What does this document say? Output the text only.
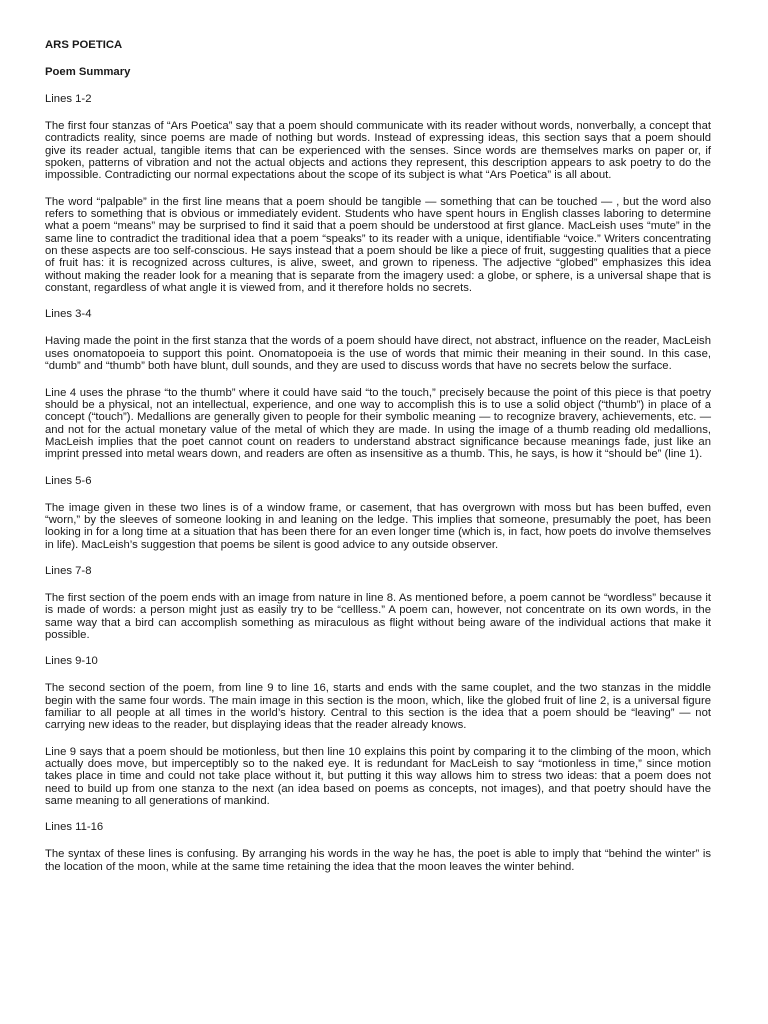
ARS POETICA
Poem Summary
Lines 1-2
The first four stanzas of “Ars Poetica” say that a poem should communicate with its reader without words, nonverbally, a concept that contradicts reality, since poems are made of nothing but words. Instead of expressing ideas, this section says that a poem should give its reader actual, tangible items that can be experienced with the senses. Since words are themselves marks on paper or, if spoken, patterns of vibration and not the actual objects and actions they represent, this description appears to ask poetry to do the impossible. Contradicting our normal expectations about the scope of its subject is what “Ars Poetica” is all about.
The word “palpable” in the first line means that a poem should be tangible — something that can be touched — , but the word also refers to something that is obvious or immediately evident. Students who have spent hours in English classes laboring to determine what a poem “means” may be surprised to find it said that a poem should be understood at first glance. MacLeish uses “mute” in the same line to contradict the traditional idea that a poem “speaks” to its reader with a unique, identifiable “voice.” Writers concentrating on these aspects are too self-conscious. He says instead that a poem should be like a piece of fruit, suggesting qualities that a piece of fruit has: it is recognized across cultures, is alive, sweet, and grown to ripeness. The adjective “globed” emphasizes this idea without making the reader look for a meaning that is separate from the imagery used: a globe, or sphere, is a universal shape that is constant, regardless of what angle it is viewed from, and it therefore holds no secrets.
Lines 3-4
Having made the point in the first stanza that the words of a poem should have direct, not abstract, influence on the reader, MacLeish uses onomatopoeia to support this point. Onomatopoeia is the use of words that mimic their meaning in their sound. In this case, “dumb” and “thumb” both have blunt, dull sounds, and they are used to discuss words that have no secrets below the surface.
Line 4 uses the phrase “to the thumb” where it could have said “to the touch,” precisely because the point of this piece is that poetry should be a physical, not an intellectual, experience, and one way to accomplish this is to use a solid object (“thumb”) in place of a concept (“touch”). Medallions are generally given to people for their symbolic meaning — to recognize bravery, achievements, etc. — and not for the actual monetary value of the metal of which they are made. In using the image of a thumb reading old medallions, MacLeish implies that the poet cannot count on readers to understand abstract significance because meanings fade, just like an imprint pressed into metal wears down, and readers are often as insensitive as a thumb. This, he says, is how it “should be” (line 1).
Lines 5-6
The image given in these two lines is of a window frame, or casement, that has overgrown with moss but has been buffed, even “worn,” by the sleeves of someone looking in and leaning on the ledge. This implies that someone, presumably the poet, has been looking in for a long time at a situation that has been there for an even longer time (which is, in fact, how poets do involve themselves in life). MacLeish’s suggestion that poems be silent is good advice to any outside observer.
Lines 7-8
The first section of the poem ends with an image from nature in line 8. As mentioned before, a poem cannot be “wordless” because it is made of words: a person might just as easily try to be “cellless.” A poem can, however, not concentrate on its own words, in the same way that a bird can accomplish something as miraculous as flight without being aware of the individual actions that make it possible.
Lines 9-10
The second section of the poem, from line 9 to line 16, starts and ends with the same couplet, and the two stanzas in the middle begin with the same four words. The main image in this section is the moon, which, like the globed fruit of line 2, is a universal figure familiar to all people at all times in the world’s history. Central to this section is the idea that a poem should be “leaving” — not carrying new ideas to the reader, but displaying ideas that the reader already knows.
Line 9 says that a poem should be motionless, but then line 10 explains this point by comparing it to the climbing of the moon, which actually does move, but imperceptibly so to the naked eye. It is redundant for MacLeish to say “motionless in time,” since motion takes place in time and could not take place without it, but putting it this way allows him to stress two ideas: that a poem does not need to build up from one stanza to the next (an idea based on poems as concepts, not images), and that poetry should have the same meaning to all generations of mankind.
Lines 11-16
The syntax of these lines is confusing. By arranging his words in the way he has, the poet is able to imply that “behind the winter” is the location of the moon, while at the same time retaining the idea that the moon leaves the winter behind.
